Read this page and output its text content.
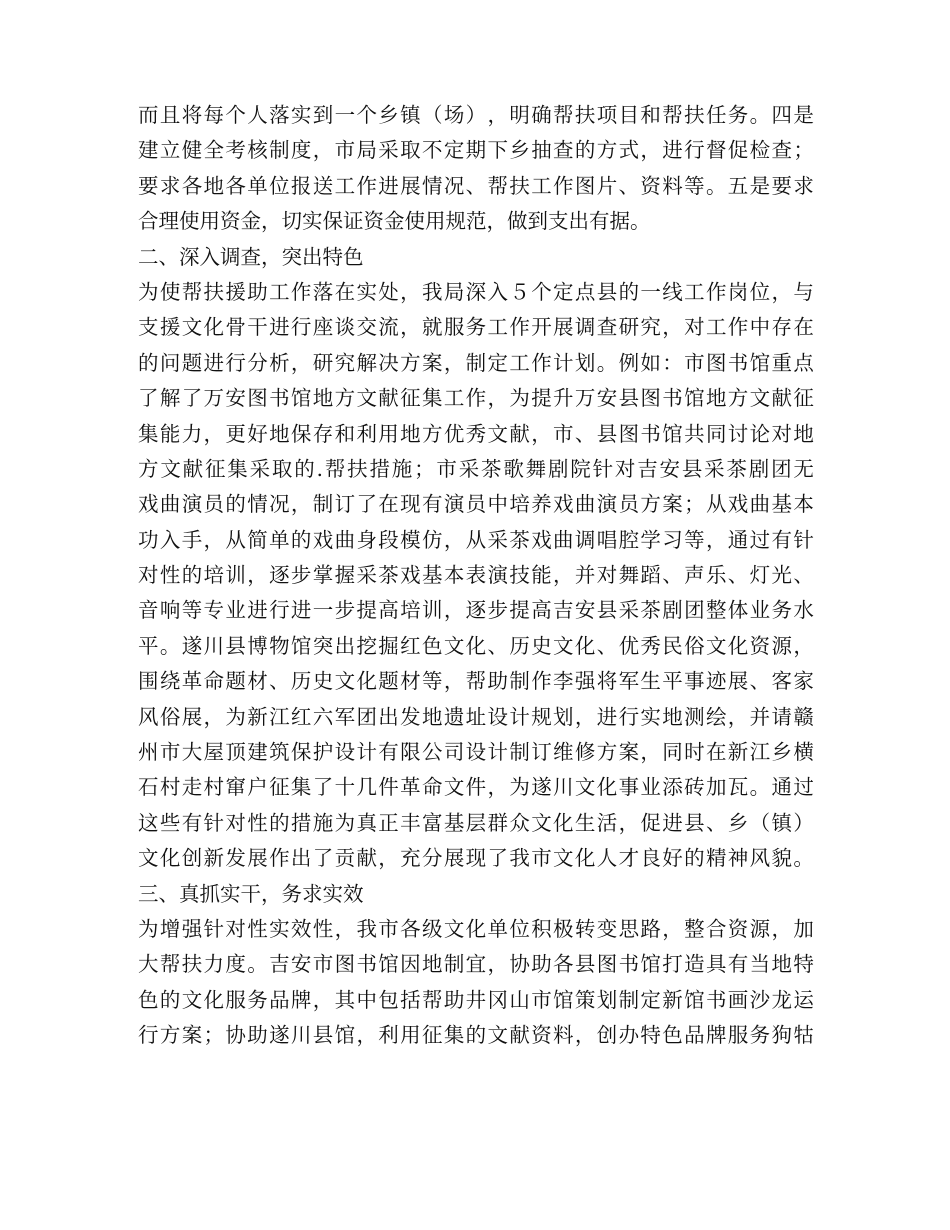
而 且 将 每 个 人 落 实 到 一 个 乡 镇 （ 场 ） ， 明 确 帮 扶 项 目 和 帮 扶 任 务 。 四 是
建 立 健 全 考 核 制 度 ， 市 局 采 取 不 定 期 下 乡 抽 查 的 方 式 ， 进 行 督 促 检 查 ；
要 求 各 地 各 单 位 报 送 工 作 进 展 情 况 、 帮 扶 工 作 图 片 、 资 料 等 。 五 是 要 求
合理使用资金，切实保证资金使用规范，做到支出有据。
二、深入调查，突出特色
为 使 帮 扶 援 助 工 作 落 在 实 处 ， 我 局 深 入 ５ 个 定 点 县 的 一 线 工 作 岗 位 ， 与
支 援 文 化 骨 干 进 行 座 谈 交 流 ， 就 服 务 工 作 开 展 调 查 研 究 ， 对 工 作 中 存 在
的 问 题 进 行 分 析 ， 研 究 解 决 方 案 ， 制 定 工 作 计 划 。 例 如 ： 市 图 书 馆 重 点
了 解 了 万 安 图 书 馆 地 方 文 献 征 集 工 作 ， 为 提 升 万 安 县 图 书 馆 地 方 文 献 征
集 能 力 ， 更 好 地 保 存 和 利 用 地 方 优 秀 文 献 ， 市 、 县 图 书 馆 共 同 讨 论 对 地
方 文 献 征 集 采 取 的 . 帮 扶 措 施 ； 市 采 茶 歌 舞 剧 院 针 对 吉 安 县 采 茶 剧 团 无
戏 曲 演 员 的 情 况 ， 制 订 了 在 现 有 演 员 中 培 养 戏 曲 演 员 方 案 ； 从 戏 曲 基 本
功 入 手 ， 从 简 单 的 戏 曲 身 段 模 仿 ， 从 采 茶 戏 曲 调 唱 腔 学 习 等 ， 通 过 有 针
对 性 的 培 训 ， 逐 步 掌 握 采 茶 戏 基 本 表 演 技 能 ， 并 对 舞 蹈 、 声 乐 、 灯 光 、
音 响 等 专 业 进 行 进 一 步 提 高 培 训 ， 逐 步 提 高 吉 安 县 采 茶 剧 团 整 体 业 务 水
平 。 遂 川 县 博 物 馆 突 出 挖 掘 红 色 文 化 、 历 史 文 化 、 优 秀 民 俗 文 化 资 源 ，
围 绕 革 命 题 材 、 历 史 文 化 题 材 等 ， 帮 助 制 作 李 强 将 军 生 平 事 迹 展 、 客 家
风 俗 展 ， 为 新 江 红 六 军 团 出 发 地 遗 址 设 计 规 划 ， 进 行 实 地 测 绘 ， 并 请 赣
州 市 大 屋 顶 建 筑 保 护 设 计 有 限 公 司 设 计 制 订 维 修 方 案 ， 同 时 在 新 江 乡 横
石 村 走 村 窜 户 征 集 了 十 几 件 革 命 文 件 ， 为 遂 川 文 化 事 业 添 砖 加 瓦 。 通 过
这 些 有 针 对 性 的 措 施 为 真 正 丰 富 基 层 群 众 文 化 生 活 ， 促 进 县 、 乡 （ 镇 ）
文 化 创 新 发 展 作 出 了 贡 献 ， 充 分 展 现 了 我 市 文 化 人 才 良 好 的 精 神 风 貌 。
三、真抓实干，务求实效
为 增 强 针 对 性 实 效 性 ， 我 市 各 级 文 化 单 位 积 极 转 变 思 路 ， 整 合 资 源 ， 加
大 帮 扶 力 度 。 吉 安 市 图 书 馆 因 地 制 宜 ， 协 助 各 县 图 书 馆 打 造 具 有 当 地 特
色 的 文 化 服 务 品 牌 ， 其 中 包 括 帮 助 井 冈 山 市 馆 策 划 制 定 新 馆 书 画 沙 龙 运
行 方 案 ； 协 助 遂 川 县 馆 ， 利 用 征 集 的 文 献 资 料 ， 创 办 特 色 品 牌 服 务 狗 牯
